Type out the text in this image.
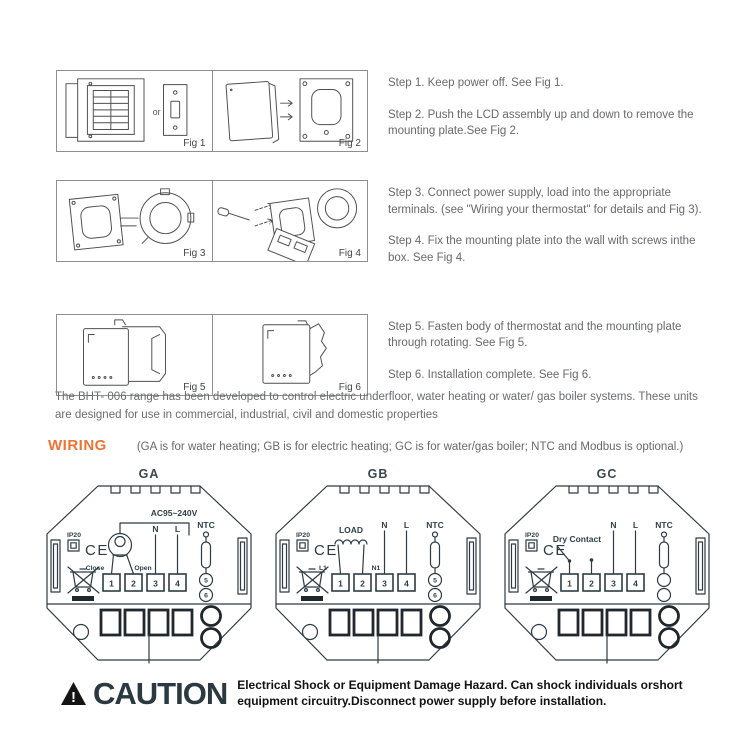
or
Fig 1	Fig 2

Step 1. Keep power off. See Fig 1.

Step 2. Push the LCD assembly up and down to remove the mounting plate.See Fig 2.

Fig 3	Fig 4

Step 3. Connect power supply, load into the appropriate terminals. (see "Wiring your thermostat" for details and Fig 3).

Step 4. Fix the mounting plate into the wall with screws inthe box. See Fig 4.

Fig 5	Fig 6

Step 5. Fasten body of thermostat and the mounting plate through rotating. See Fig 5.

Step 6. Installation complete. See Fig 6.

The BHT- 006 range has been developed to control electric underfloor, water heating or water/ gas boiler systems. These units are designed for use in commercial, industrial, civil and domestic properties
WIRING	(GA is for water heating; GB is for electric heating; GC is for water/gas boiler; NTC and Modbus is optional.)
GA
IP20
CE
AC95~240V
Close	Open
N L
1 2 3 4
NTC
5
6
GB
IP20
CE
LOAD
L1	N1
N L
1 2 3 4
NTC
5
6
GC
IP20
CE
Dry Contact
N L
1 2 3 4
NTC
! CAUTION Electrical Shock or Equipment Damage Hazard. Can shock individuals orshort
equipment circuitry.Disconnect power supply before installation.
